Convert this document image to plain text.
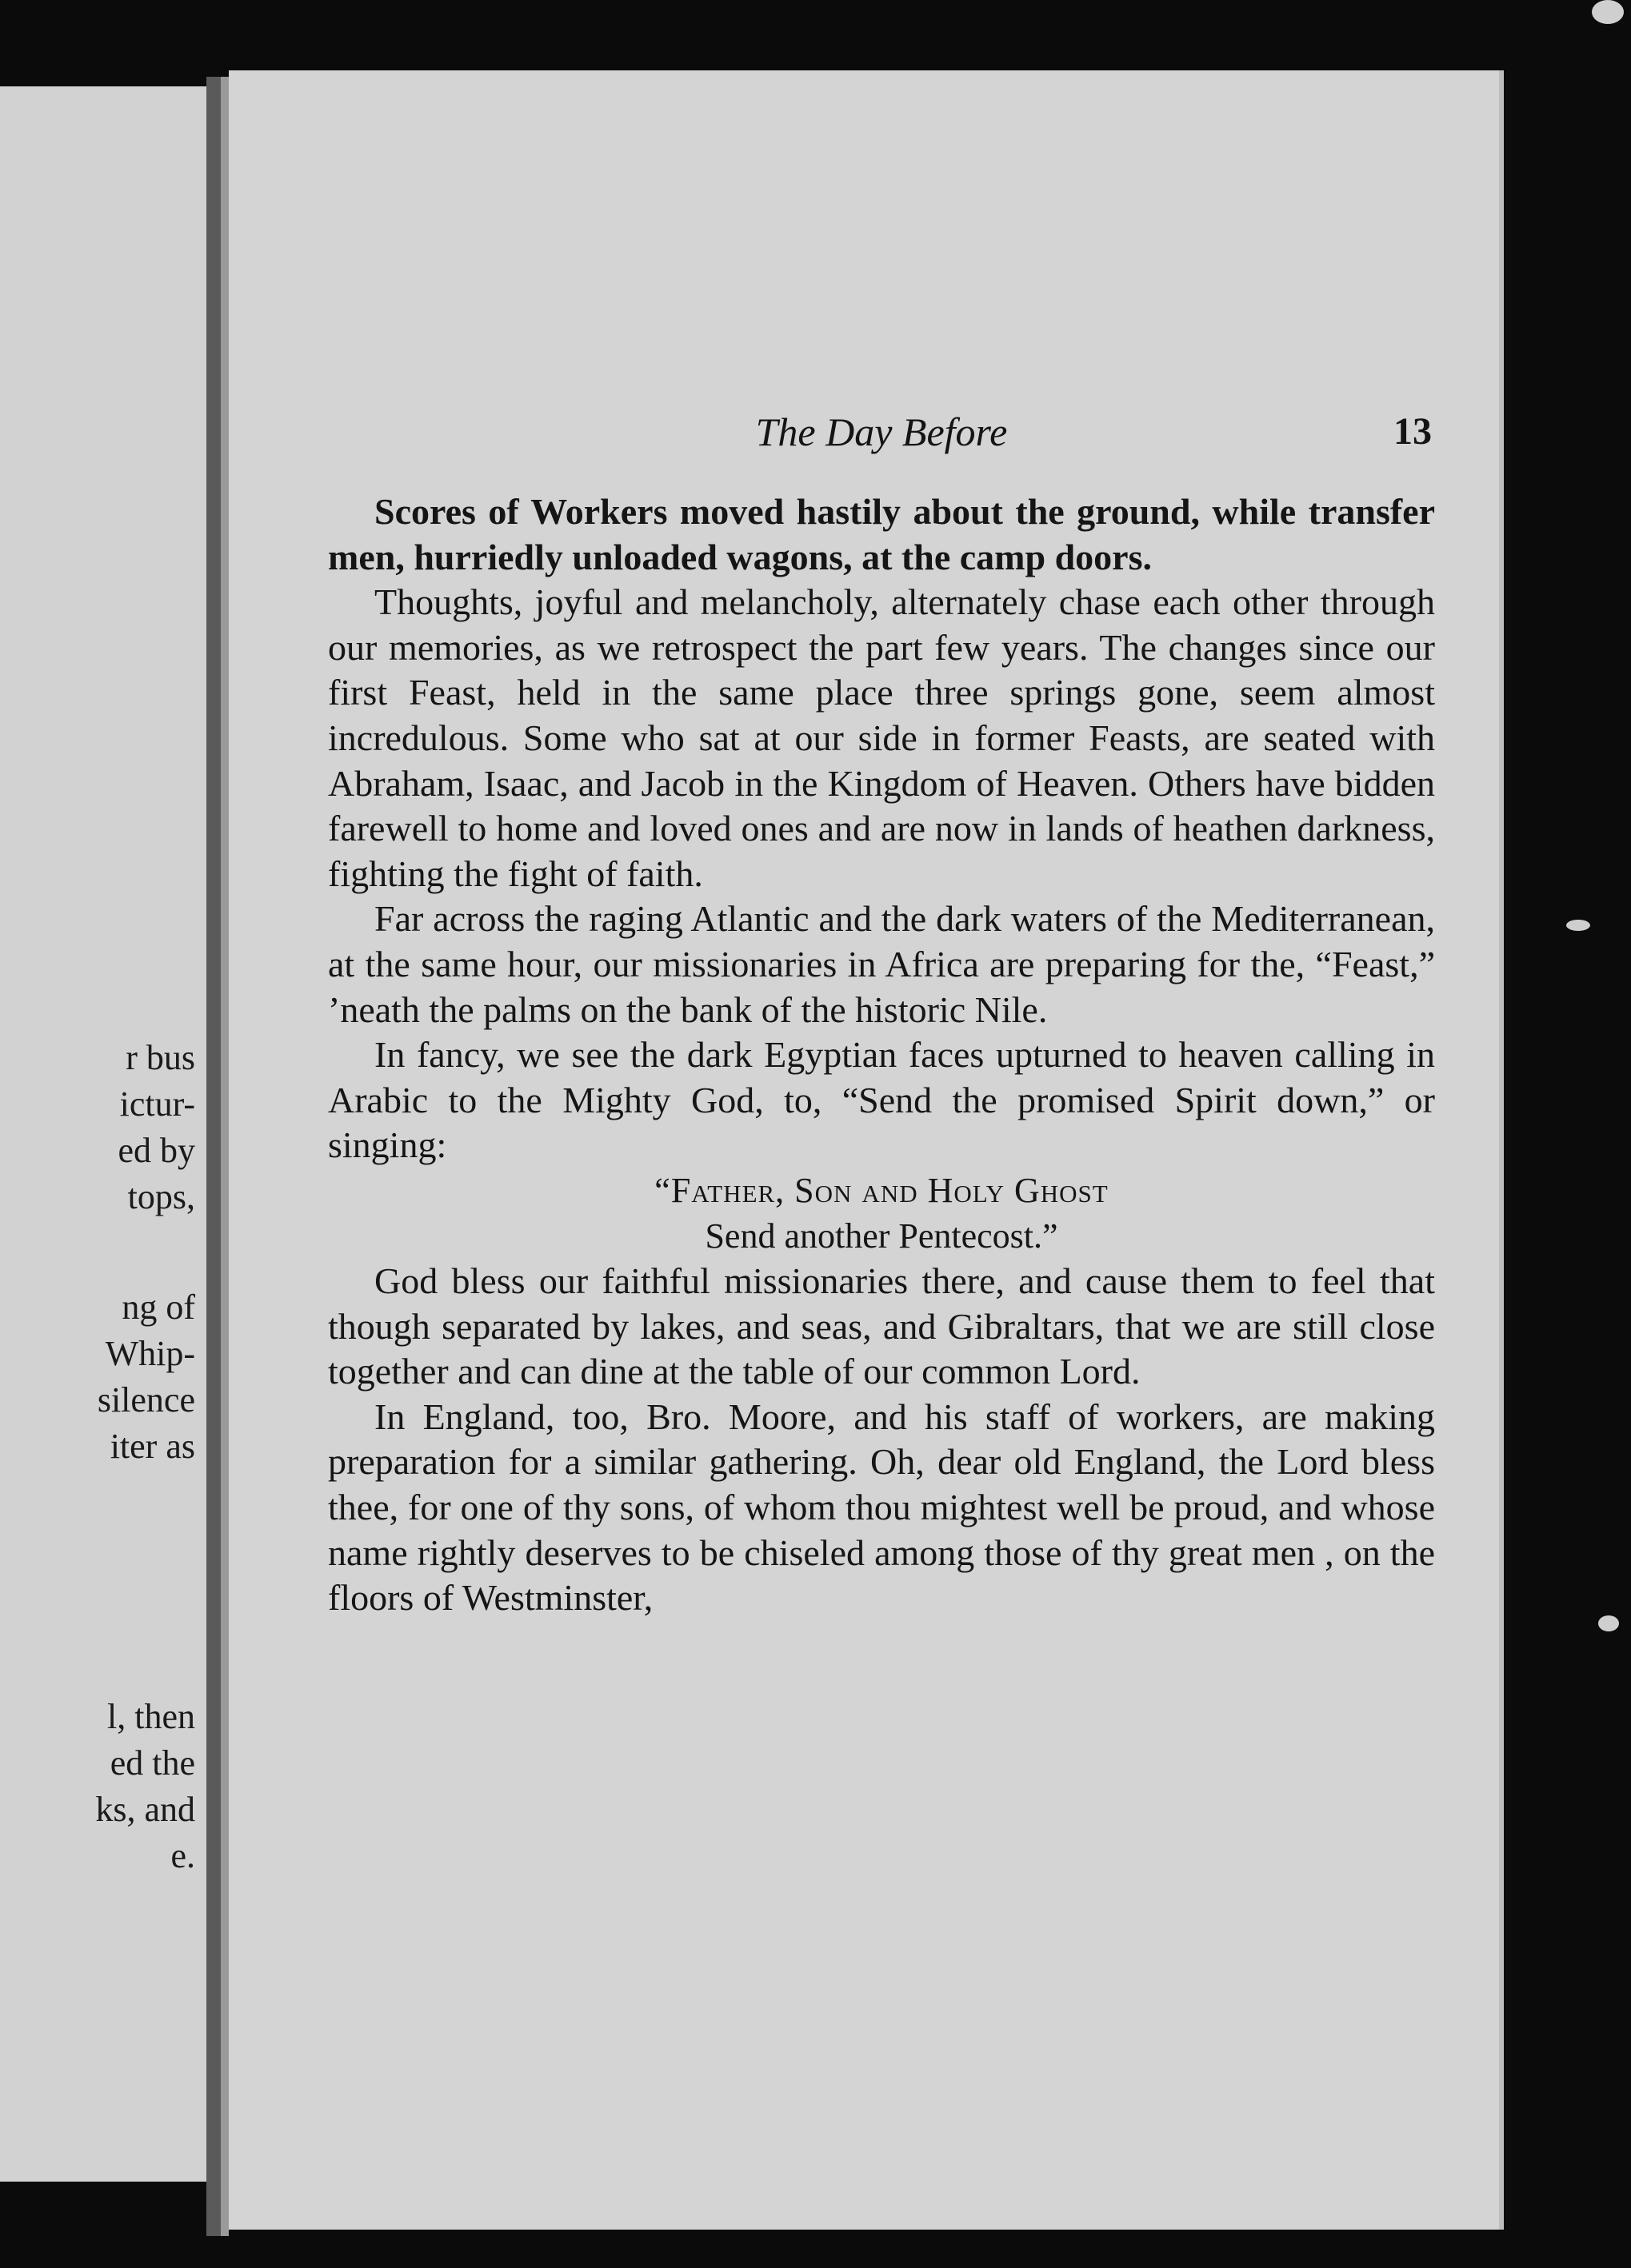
r bus
ictur-
ed by
tops,
ng of
Whip-
silence
iter as
l, then
ed the
ks, and
e.
The Day Before	13

Scores of Workers moved hastily about the ground, while transfer men, hurriedly unloaded wagons, at the camp doors.

Thoughts, joyful and melancholy, alternately chase each other through our memories, as we retrospect the part few years. The changes since our first Feast, held in the same place three springs gone, seem almost incredulous. Some who sat at our side in former Feasts, are seated with Abraham, Isaac, and Jacob in the Kingdom of Heaven. Others have bidden farewell to home and loved ones and are now in lands of heathen darkness, fighting the fight of faith.

Far across the raging Atlantic and the dark waters of the Mediterranean, at the same hour, our missionaries in Africa are preparing for the, “Feast,” ’neath the palms on the bank of the historic Nile.

In fancy, we see the dark Egyptian faces upturned to heaven calling in Arabic to the Mighty God, to, “Send the promised Spirit down,” or singing:

“Father, Son and Holy Ghost

Send another Pentecost.”

God bless our faithful missionaries there, and cause them to feel that though separated by lakes, and seas, and Gibraltars, that we are still close together and can dine at the table of our common Lord.

In England, too, Bro. Moore, and his staff of workers, are making preparation for a similar gathering. Oh, dear old England, the Lord bless thee, for one of thy sons, of whom thou mightest well be proud, and whose name rightly deserves to be chiseled among those of thy great men , on the floors of Westminster,
